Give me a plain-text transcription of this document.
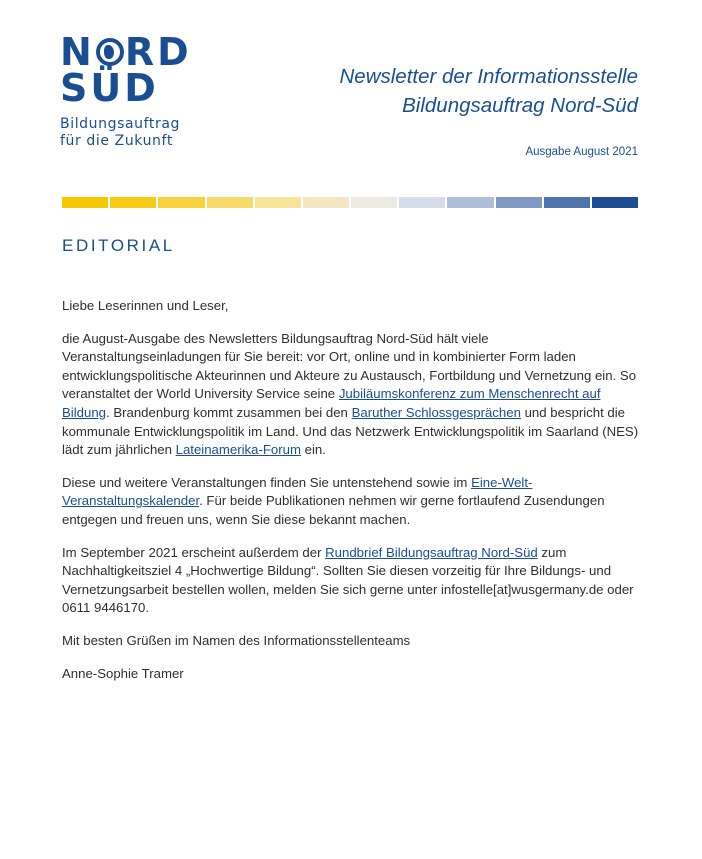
N RD
SÜD
Bildungsauftrag
für die Zukunft
Newsletter der Informationsstelle
Bildungsauftrag Nord-Süd
Ausgabe August 2021
EDITORIAL

Liebe Leserinnen und Leser,

die August-Ausgabe des Newsletters Bildungsauftrag Nord-Süd hält viele Veranstaltungseinladungen für Sie bereit: vor Ort, online und in kombinierter Form laden entwicklungspolitische Akteurinnen und Akteure zu Austausch, Fortbildung und Vernetzung ein. So veranstaltet der World University Service seine Jubiläumskonferenz zum Menschenrecht auf Bildung. Brandenburg kommt zusammen bei den Baruther Schlossgesprächen und bespricht die kommunale Entwicklungspolitik im Land. Und das Netzwerk Entwicklungspolitik im Saarland (NES) lädt zum jährlichen Lateinamerika-Forum ein.

Diese und weitere Veranstaltungen finden Sie untenstehend sowie im Eine-Welt-Veranstaltungskalender. Für beide Publikationen nehmen wir gerne fortlaufend Zusendungen entgegen und freuen uns, wenn Sie diese bekannt machen.

Im September 2021 erscheint außerdem der Rundbrief Bildungsauftrag Nord-Süd zum Nachhaltigkeitsziel 4 „Hochwertige Bildung“. Sollten Sie diesen vorzeitig für Ihre Bildungs- und Vernetzungsarbeit bestellen wollen, melden Sie sich gerne unter infostelle[at]wusgermany.de oder 0611 9446170.

Mit besten Grüßen im Namen des Informationsstellenteams

Anne-Sophie Tramer
